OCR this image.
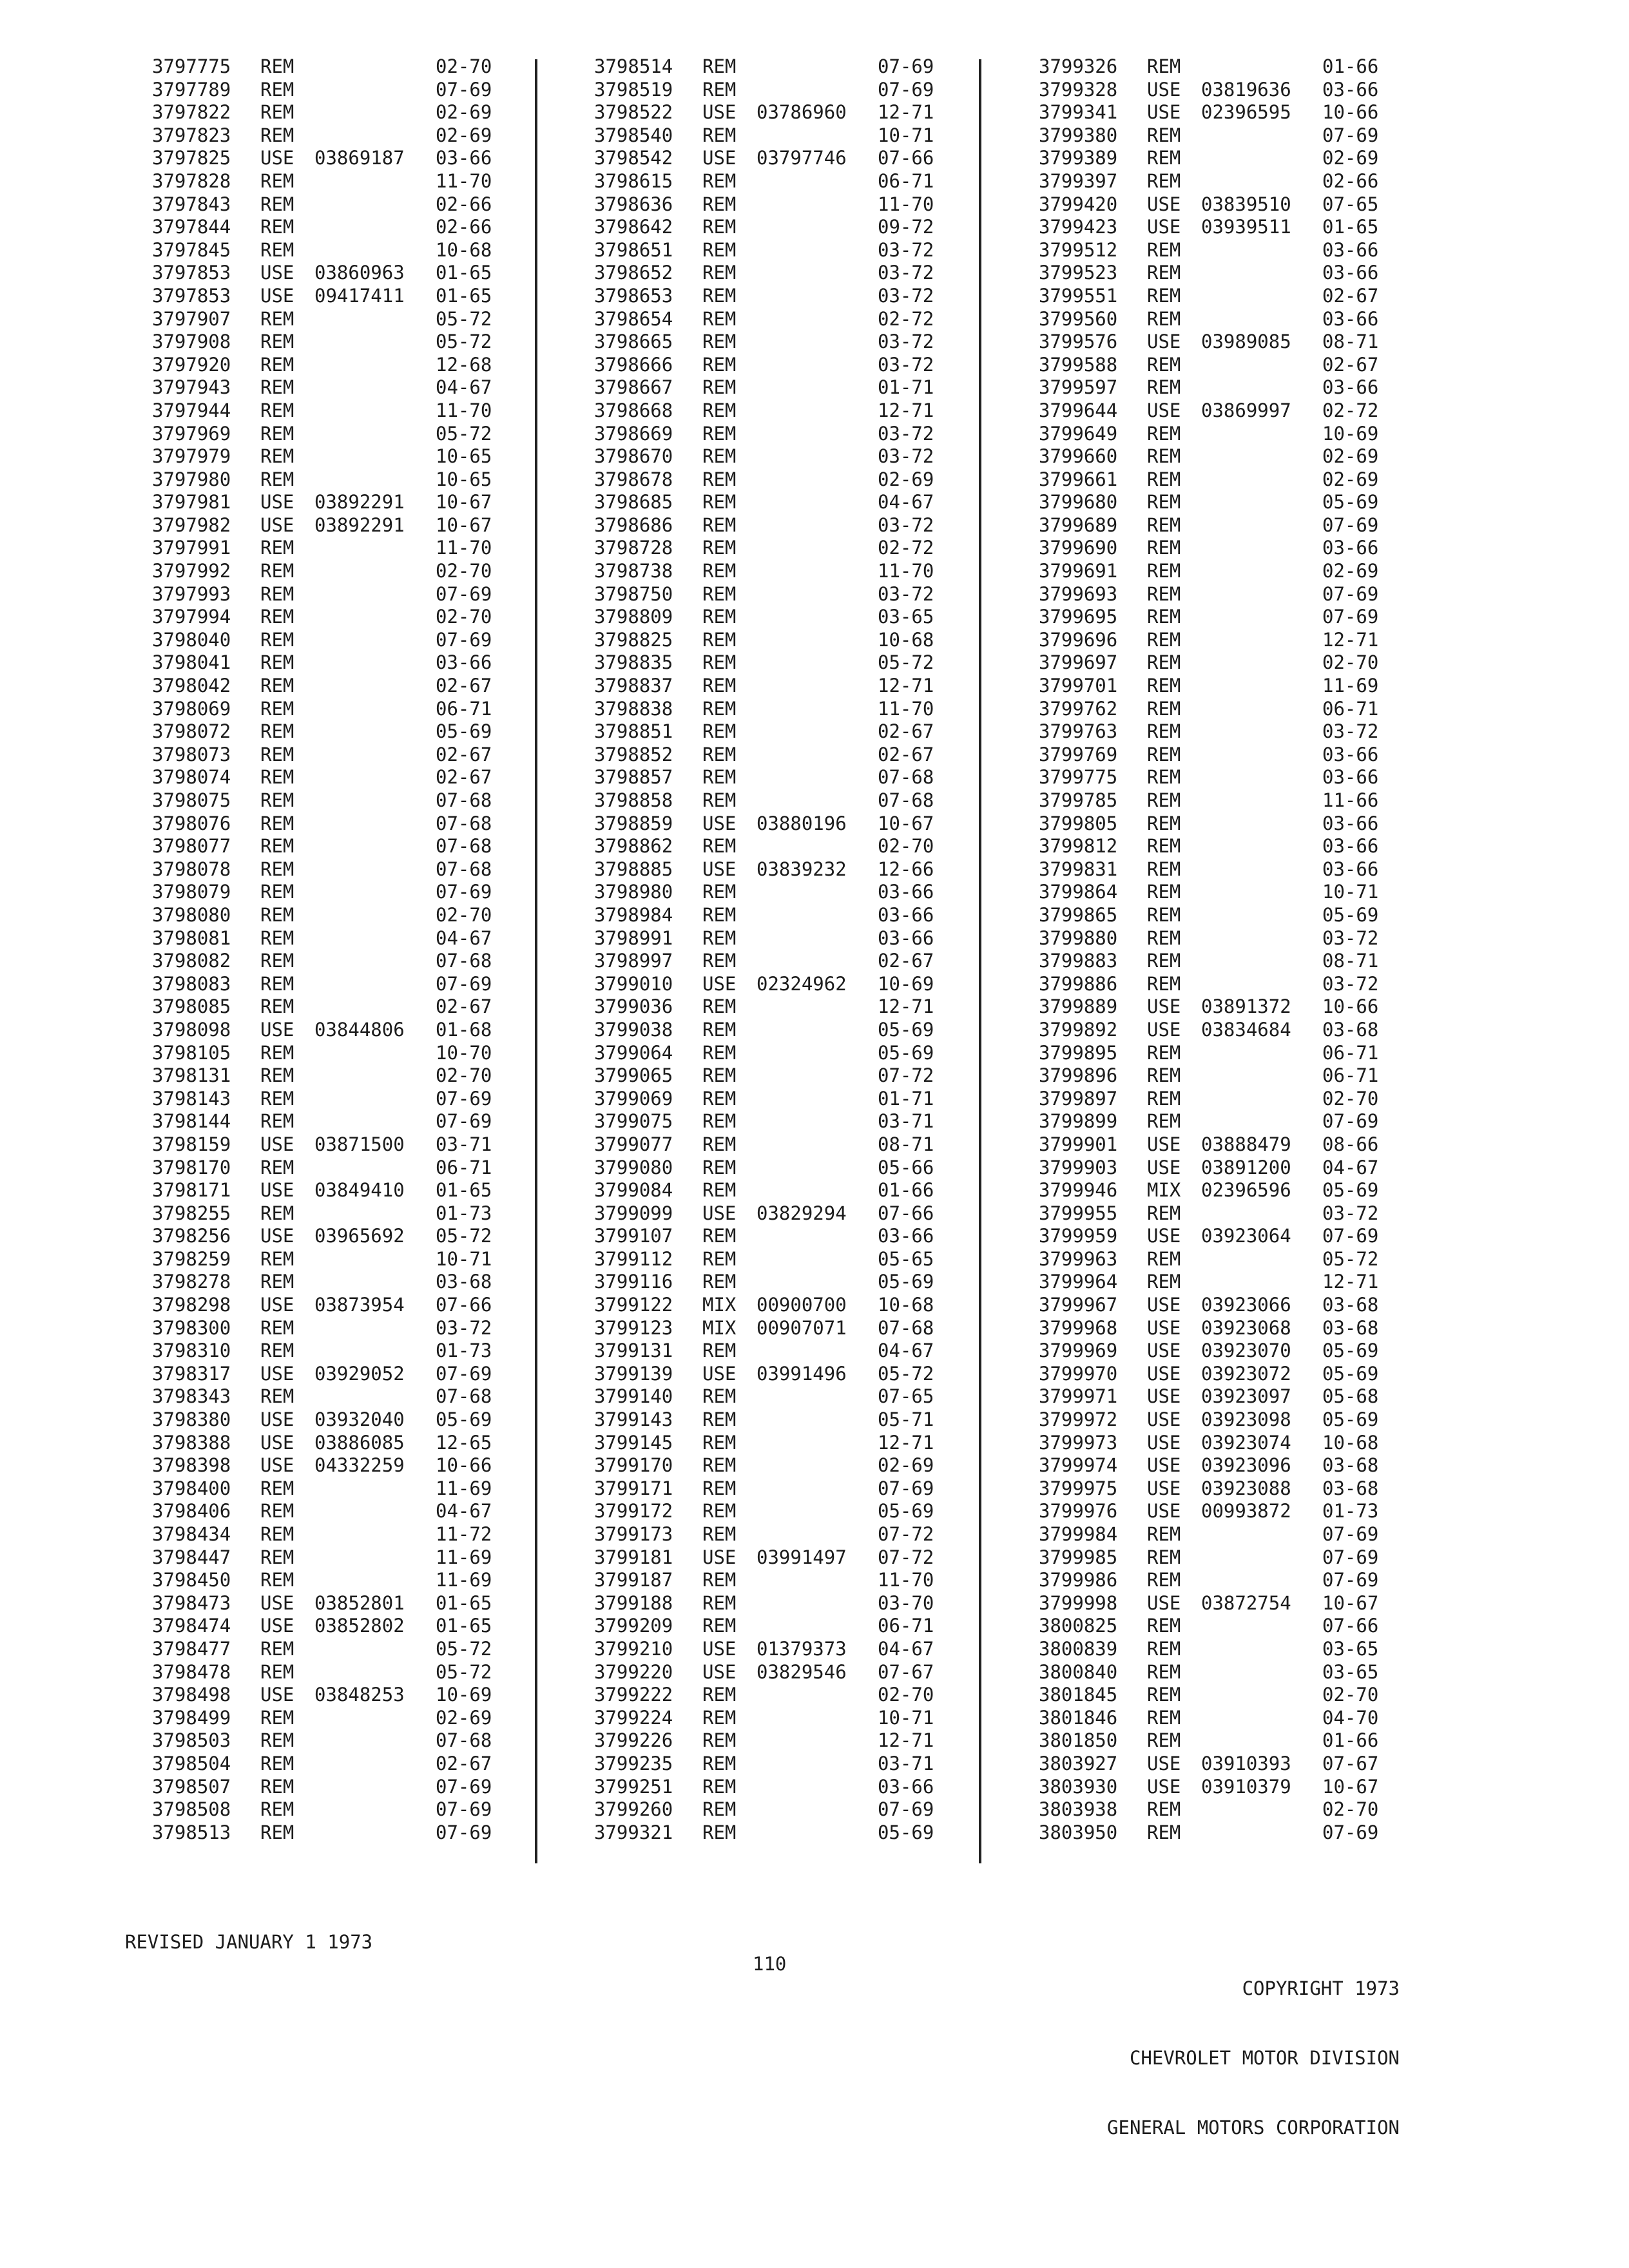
3797775 REM	02-70
3797789 REM	07-69
3797822 REM	02-69
3797823 REM	02-69
3797825 USE 03869187 03-66
3797828 REM	11-70
3797843 REM	02-66
3797844 REM	02-66
3797845 REM	10-68
3797853 USE 03860963 01-65
3797853 USE 09417411 01-65
3797907 REM	05-72
3797908 REM	05-72
3797920 REM	12-68
3797943 REM	04-67
3797944 REM	11-70
3797969 REM	05-72
3797979 REM	10-65
3797980 REM	10-65
3797981 USE 03892291 10-67
3797982 USE 03892291 10-67
3797991 REM	11-70
3797992 REM	02-70
3797993 REM	07-69
3797994 REM	02-70
3798040 REM	07-69
3798041 REM	03-66
3798042 REM	02-67
3798069 REM	06-71
3798072 REM	05-69
3798073 REM	02-67
3798074 REM	02-67
3798075 REM	07-68
3798076 REM	07-68
3798077 REM	07-68
3798078 REM	07-68
3798079 REM	07-69
3798080 REM	02-70
3798081 REM	04-67
3798082 REM	07-68
3798083 REM	07-69
3798085 REM	02-67
3798098 USE 03844806 01-68
3798105 REM	10-70
3798131 REM	02-70
3798143 REM	07-69
3798144 REM	07-69
3798159 USE 03871500 03-71
3798170 REM	06-71
3798171 USE 03849410 01-65
3798255 REM	01-73
3798256 USE 03965692 05-72
3798259 REM	10-71
3798278 REM	03-68
3798298 USE 03873954 07-66
3798300 REM	03-72
3798310 REM	01-73
3798317 USE 03929052 07-69
3798343 REM	07-68
3798380 USE 03932040 05-69
3798388 USE 03886085 12-65
3798398 USE 04332259 10-66
3798400 REM	11-69
3798406 REM	04-67
3798434 REM	11-72
3798447 REM	11-69
3798450 REM	11-69
3798473 USE 03852801 01-65
3798474 USE 03852802 01-65
3798477 REM	05-72
3798478 REM	05-72
3798498 USE 03848253 10-69
3798499 REM	02-69
3798503 REM	07-68
3798504 REM	02-67
3798507 REM	07-69
3798508 REM	07-69
3798513 REM	07-69
3798514 REM	07-69
3798519 REM	07-69
3798522 USE 03786960 12-71
3798540 REM	10-71
3798542 USE 03797746 07-66
3798615 REM	06-71
3798636 REM	11-70
3798642 REM	09-72
3798651 REM	03-72
3798652 REM	03-72
3798653 REM	03-72
3798654 REM	02-72
3798665 REM	03-72
3798666 REM	03-72
3798667 REM	01-71
3798668 REM	12-71
3798669 REM	03-72
3798670 REM	03-72
3798678 REM	02-69
3798685 REM	04-67
3798686 REM	03-72
3798728 REM	02-72
3798738 REM	11-70
3798750 REM	03-72
3798809 REM	03-65
3798825 REM	10-68
3798835 REM	05-72
3798837 REM	12-71
3798838 REM	11-70
3798851 REM	02-67
3798852 REM	02-67
3798857 REM	07-68
3798858 REM	07-68
3798859 USE 03880196 10-67
3798862 REM	02-70
3798885 USE 03839232 12-66
3798980 REM	03-66
3798984 REM	03-66
3798991 REM	03-66
3798997 REM	02-67
3799010 USE 02324962 10-69
3799036 REM	12-71
3799038 REM	05-69
3799064 REM	05-69
3799065 REM	07-72
3799069 REM	01-71
3799075 REM	03-71
3799077 REM	08-71
3799080 REM	05-66
3799084 REM	01-66
3799099 USE 03829294 07-66
3799107 REM	03-66
3799112 REM	05-65
3799116 REM	05-69
3799122 MIX 00900700 10-68
3799123 MIX 00907071 07-68
3799131 REM	04-67
3799139 USE 03991496 05-72
3799140 REM	07-65
3799143 REM	05-71
3799145 REM	12-71
3799170 REM	02-69
3799171 REM	07-69
3799172 REM	05-69
3799173 REM	07-72
3799181 USE 03991497 07-72
3799187 REM	11-70
3799188 REM	03-70
3799209 REM	06-71
3799210 USE 01379373 04-67
3799220 USE 03829546 07-67
3799222 REM	02-70
3799224 REM	10-71
3799226 REM	12-71
3799235 REM	03-71
3799251 REM	03-66
3799260 REM	07-69
3799321 REM	05-69
3799326 REM	01-66
3799328 USE 03819636 03-66
3799341 USE 02396595 10-66
3799380 REM	07-69
3799389 REM	02-69
3799397 REM	02-66
3799420 USE 03839510 07-65
3799423 USE 03939511 01-65
3799512 REM	03-66
3799523 REM	03-66
3799551 REM	02-67
3799560 REM	03-66
3799576 USE 03989085 08-71
3799588 REM	02-67
3799597 REM	03-66
3799644 USE 03869997 02-72
3799649 REM	10-69
3799660 REM	02-69
3799661 REM	02-69
3799680 REM	05-69
3799689 REM	07-69
3799690 REM	03-66
3799691 REM	02-69
3799693 REM	07-69
3799695 REM	07-69
3799696 REM	12-71
3799697 REM	02-70
3799701 REM	11-69
3799762 REM	06-71
3799763 REM	03-72
3799769 REM	03-66
3799775 REM	03-66
3799785 REM	11-66
3799805 REM	03-66
3799812 REM	03-66
3799831 REM	03-66
3799864 REM	10-71
3799865 REM	05-69
3799880 REM	03-72
3799883 REM	08-71
3799886 REM	03-72
3799889 USE 03891372 10-66
3799892 USE 03834684 03-68
3799895 REM	06-71
3799896 REM	06-71
3799897 REM	02-70
3799899 REM	07-69
3799901 USE 03888479 08-66
3799903 USE 03891200 04-67
3799946 MIX 02396596 05-69
3799955 REM	03-72
3799959 USE 03923064 07-69
3799963 REM	05-72
3799964 REM	12-71
3799967 USE 03923066 03-68
3799968 USE 03923068 03-68
3799969 USE 03923070 05-69
3799970 USE 03923072 05-69
3799971 USE 03923097 05-68
3799972 USE 03923098 05-69
3799973 USE 03923074 10-68
3799974 USE 03923096 03-68
3799975 USE 03923088 03-68
3799976 USE 00993872 01-73
3799984 REM	07-69
3799985 REM	07-69
3799986 REM	07-69
3799998 USE 03872754 10-67
3800825 REM	07-66
3800839 REM	03-65
3800840 REM	03-65
3801845 REM	02-70
3801846 REM	04-70
3801850 REM	01-66
3803927 USE 03910393 07-67
3803930 USE 03910379 10-67
3803938 REM	02-70
3803950 REM	07-69
REVISED JANUARY 1 1973
110

COPYRIGHT 1973

CHEVROLET MOTOR DIVISION

GENERAL MOTORS CORPORATION
